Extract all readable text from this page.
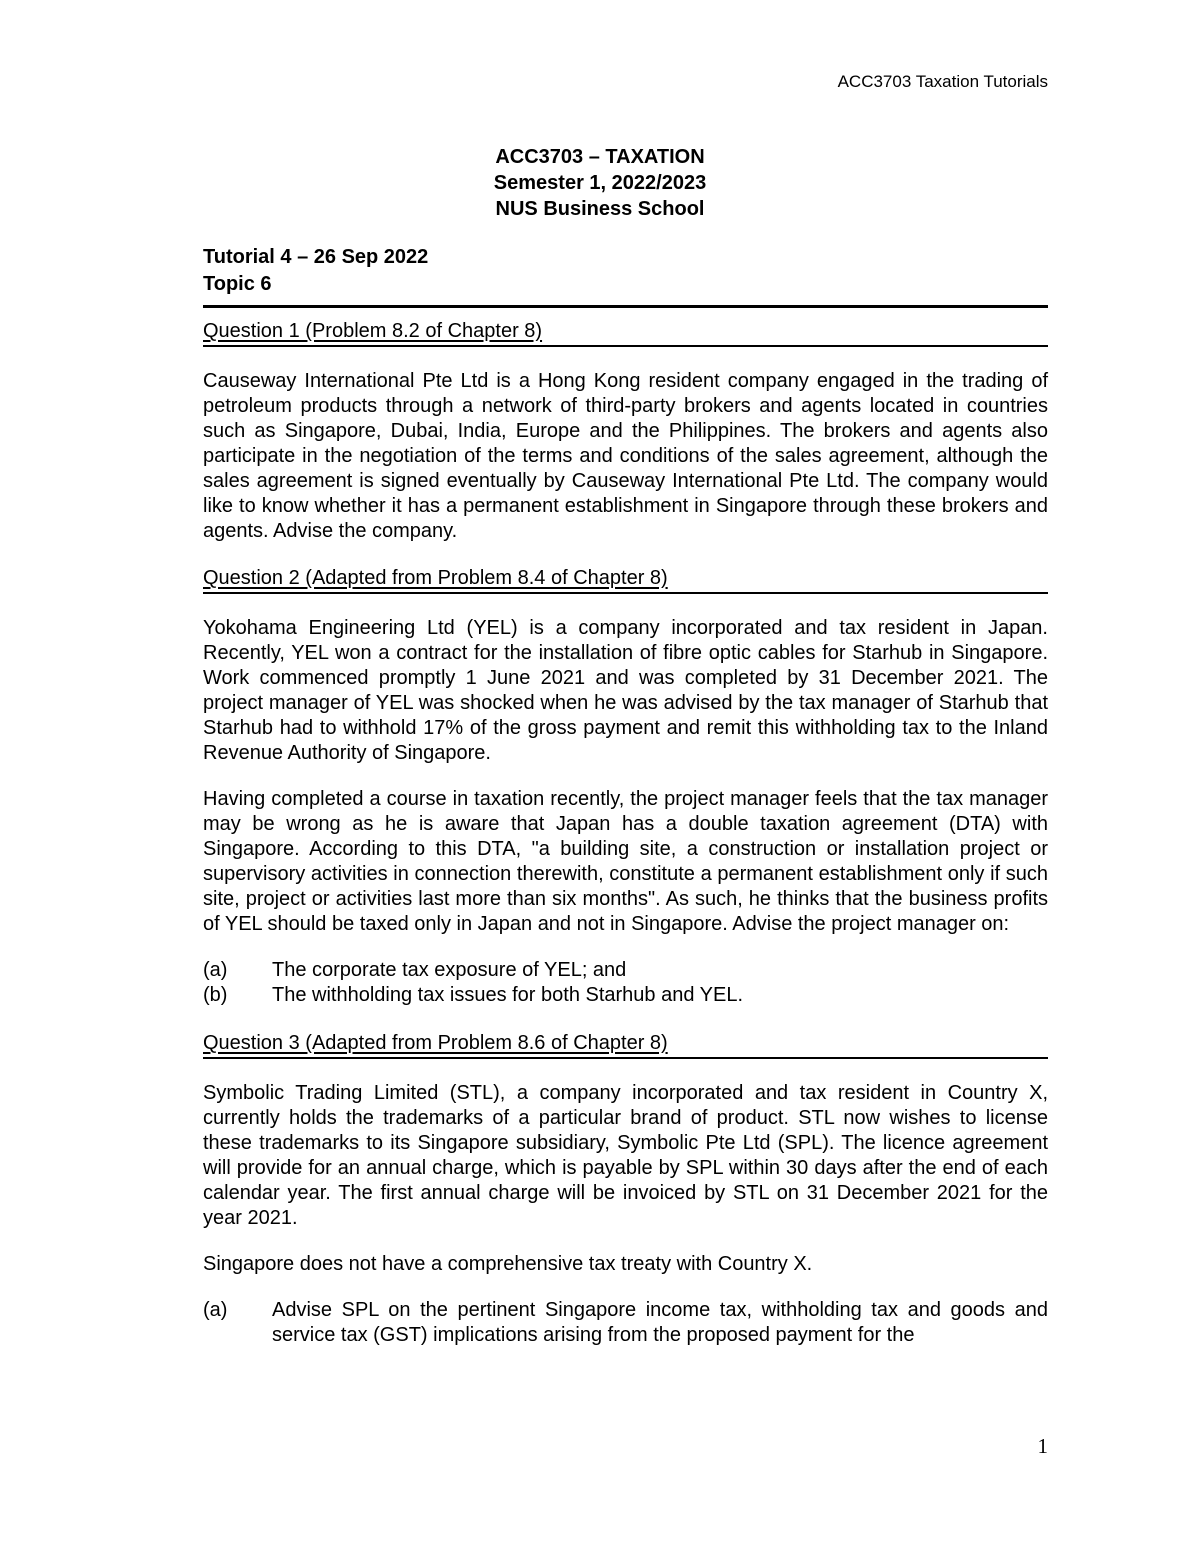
ACC3703 Taxation Tutorials
ACC3703 – TAXATION
Semester 1, 2022/2023
NUS Business School
Tutorial 4 – 26 Sep 2022
Topic 6
Question 1 (Problem 8.2 of Chapter 8)

Causeway International Pte Ltd is a Hong Kong resident company engaged in the trading of petroleum products through a network of third-party brokers and agents located in countries such as Singapore, Dubai, India, Europe and the Philippines. The brokers and agents also participate in the negotiation of the terms and conditions of the sales agreement, although the sales agreement is signed eventually by Causeway International Pte Ltd. The company would like to know whether it has a permanent establishment in Singapore through these brokers and agents. Advise the company.

Question 2 (Adapted from Problem 8.4 of Chapter 8)

Yokohama Engineering Ltd (YEL) is a company incorporated and tax resident in Japan. Recently, YEL won a contract for the installation of fibre optic cables for Starhub in Singapore. Work commenced promptly 1 June 2021 and was completed by 31 December 2021. The project manager of YEL was shocked when he was advised by the tax manager of Starhub that Starhub had to withhold 17% of the gross payment and remit this withholding tax to the Inland Revenue Authority of Singapore.

Having completed a course in taxation recently, the project manager feels that the tax manager may be wrong as he is aware that Japan has a double taxation agreement (DTA) with Singapore. According to this DTA, "a building site, a construction or installation project or supervisory activities in connection therewith, constitute a permanent establishment only if such site, project or activities last more than six months". As such, he thinks that the business profits of YEL should be taxed only in Japan and not in Singapore. Advise the project manager on:

(a)	The corporate tax exposure of YEL; and
(b)	The withholding tax issues for both Starhub and YEL.
Question 3 (Adapted from Problem 8.6 of Chapter 8)

Symbolic Trading Limited (STL), a company incorporated and tax resident in Country X, currently holds the trademarks of a particular brand of product. STL now wishes to license these trademarks to its Singapore subsidiary, Symbolic Pte Ltd (SPL). The licence agreement will provide for an annual charge, which is payable by SPL within 30 days after the end of each calendar year. The first annual charge will be invoiced by STL on 31 December 2021 for the year 2021.

Singapore does not have a comprehensive tax treaty with Country X.

(a)	Advise SPL on the pertinent Singapore income tax, withholding tax and goods and service tax (GST) implications arising from the proposed payment for the
1
